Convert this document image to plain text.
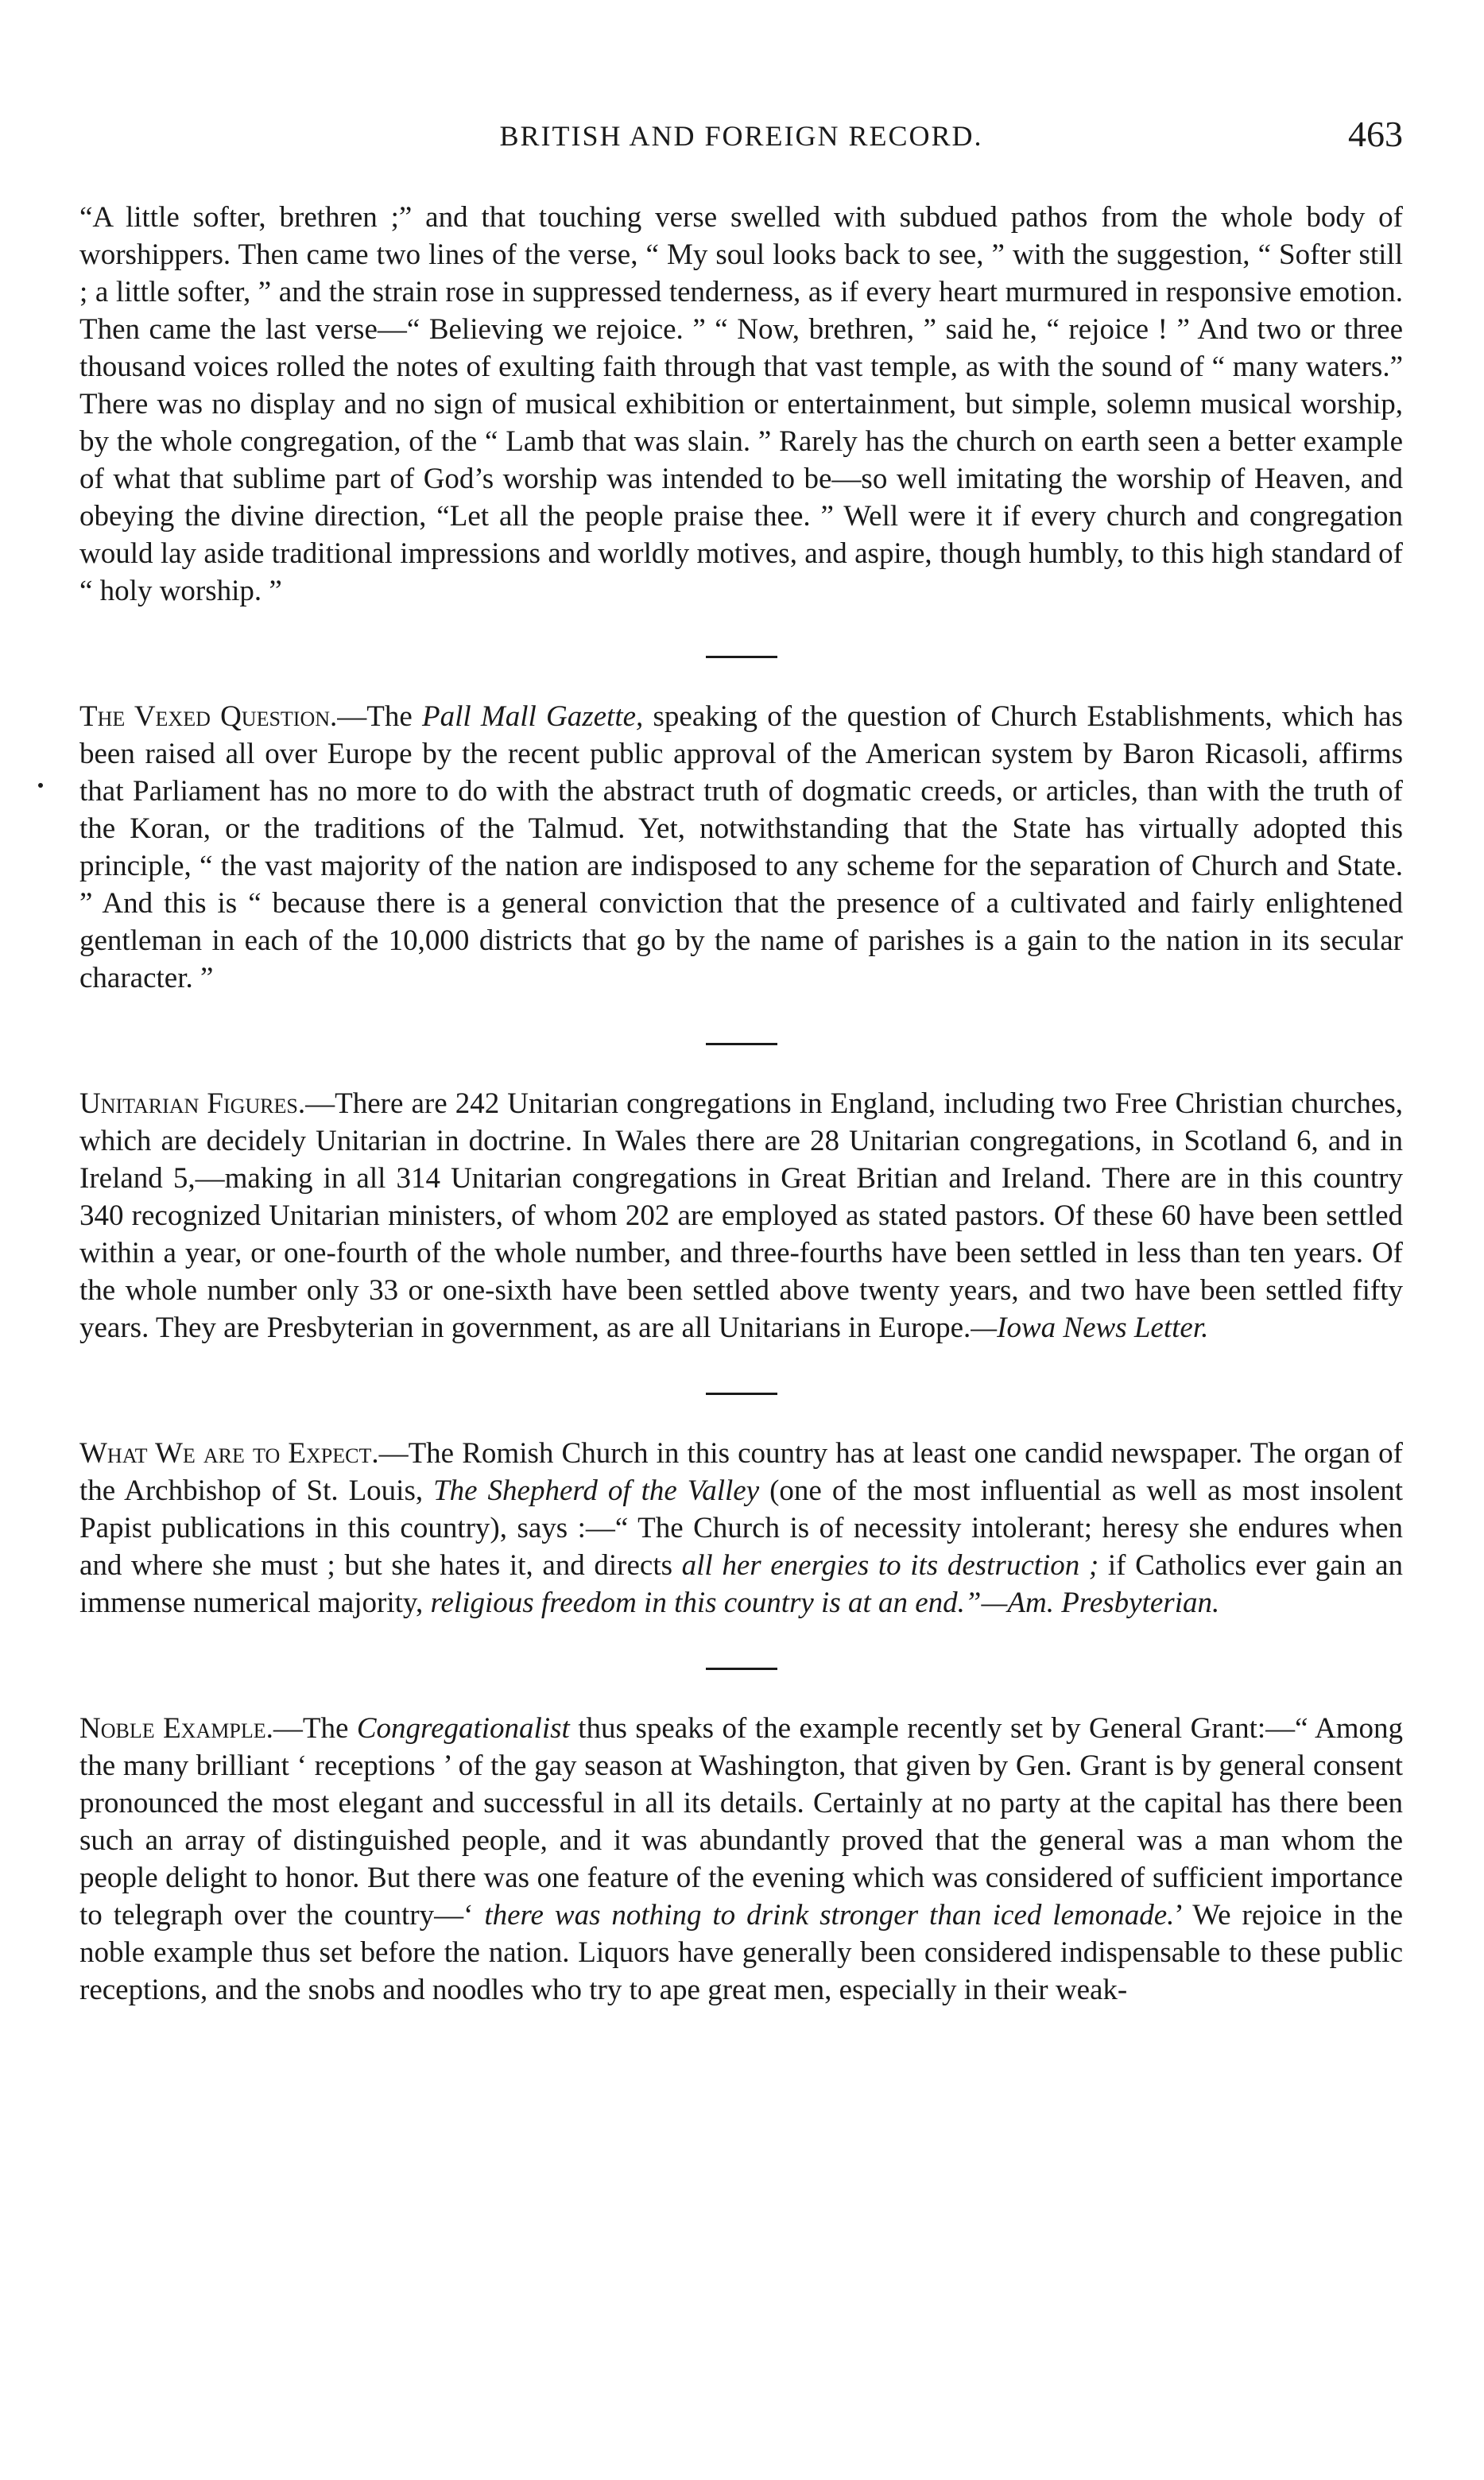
BRITISH AND FOREIGN RECORD.	463

“A little softer, brethren ;” and that touching verse swelled with subdued pathos from the whole body of worshippers. Then came two lines of the verse, “ My soul looks back to see, ” with the suggestion, “ Softer still ; a little softer, ” and the strain rose in suppressed tenderness, as if every heart murmured in responsive emotion. Then came the last verse—“ Believing we rejoice. ” “ Now, brethren, ” said he, “ rejoice ! ” And two or three thousand voices rolled the notes of exulting faith through that vast temple, as with the sound of “ many waters.” There was no display and no sign of musical exhibition or entertainment, but simple, solemn musical worship, by the whole congregation, of the “ Lamb that was slain. ” Rarely has the church on earth seen a better example of what that sublime part of God’s worship was intended to be—so well imitating the worship of Heaven, and obeying the divine direction, “Let all the people praise thee. ” Well were it if every church and congregation would lay aside traditional impressions and worldly motives, and aspire, though humbly, to this high standard of “ holy worship. ”

The Vexed Question.—The Pall Mall Gazette, speaking of the question of Church Establishments, which has been raised all over Europe by the recent public approval of the American system by Baron Ricasoli, affirms that Parliament has no more to do with the abstract truth of dogmatic creeds, or articles, than with the truth of the Koran, or the traditions of the Talmud. Yet, notwithstanding that the State has virtually adopted this principle, “ the vast majority of the nation are indisposed to any scheme for the separation of Church and State. ” And this is “ because there is a general conviction that the presence of a cultivated and fairly enlightened gentleman in each of the 10,000 districts that go by the name of parishes is a gain to the nation in its secular character. ”

Unitarian Figures.—There are 242 Unitarian congregations in England, including two Free Christian churches, which are decidely Unitarian in doctrine. In Wales there are 28 Unitarian congregations, in Scotland 6, and in Ireland 5,—making in all 314 Unitarian congregations in Great Britian and Ireland. There are in this country 340 recognized Unitarian ministers, of whom 202 are employed as stated pastors. Of these 60 have been settled within a year, or one-fourth of the whole number, and three-fourths have been settled in less than ten years. Of the whole number only 33 or one-sixth have been settled above twenty years, and two have been settled fifty years. They are Presbyterian in government, as are all Unitarians in Europe.—Iowa News Letter.

What We are to Expect.—The Romish Church in this country has at least one candid newspaper. The organ of the Archbishop of St. Louis, The Shepherd of the Valley (one of the most influential as well as most insolent Papist publications in this country), says :—“ The Church is of necessity intolerant; heresy she endures when and where she must ; but she hates it, and directs all her energies to its destruction ; if Catholics ever gain an immense numerical majority, religious freedom in this country is at an end.”—Am. Presbyterian.

Noble Example.—The Congregationalist thus speaks of the example recently set by General Grant:—“ Among the many brilliant ‘ receptions ’ of the gay season at Washington, that given by Gen. Grant is by general consent pronounced the most elegant and successful in all its details. Certainly at no party at the capital has there been such an array of distinguished people, and it was abundantly proved that the general was a man whom the people delight to honor. But there was one feature of the evening which was considered of sufficient importance to telegraph over the country—‘ there was nothing to drink stronger than iced lemonade.’ We rejoice in the noble example thus set before the nation. Liquors have generally been considered indispensable to these public receptions, and the snobs and noodles who try to ape great men, especially in their weak-
